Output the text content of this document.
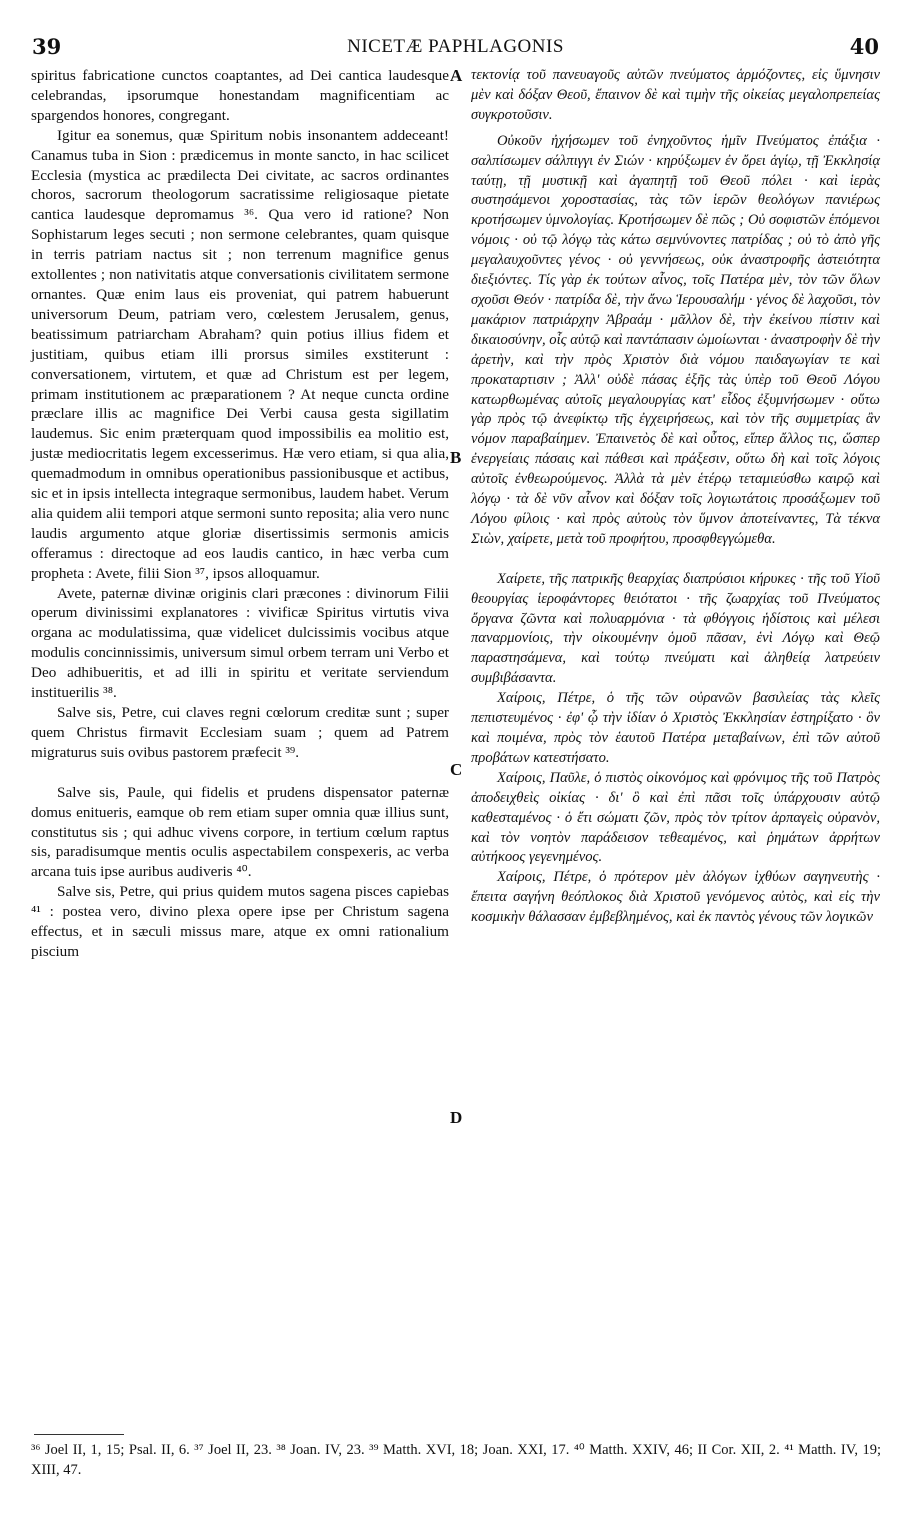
39	NICETÆ PAPHLAGONIS	40

spiritus fabricatione cunctos coaptantes, ad Dei cantica laudesque celebrandas, ipsorumque honestandam magnificentiam ac spargendos honores, congregant.

Igitur ea sonemus, quæ Spiritum nobis insonantem addeceant! Canamus tuba in Sion : prædicemus in monte sancto, in hac scilicet Ecclesia (mystica ac prædilecta Dei civitate, ac sacros ordinantes choros, sacrorum theologorum sacratissime religiosaque pietate cantica laudesque depromamus ³⁶. Qua vero id ratione? Non Sophistarum leges secuti ; non sermone celebrantes, quam quisque in terris patriam nactus sit ; non terrenum magnifice genus extollentes ; non nativitatis atque conversationis civilitatem sermone ornantes. Quæ enim laus eis proveniat, qui patrem habuerunt universorum Deum, patriam vero, cœlestem Jerusalem, genus, beatissimum patriarcham Abraham? quin potius illius fidem et justitiam, quibus etiam illi prorsus similes exstiterunt : conversationem, virtutem, et quæ ad Christum est per legem, primam institutionem ac præparationem ? At neque cuncta ordine præclare illis ac magnifice Dei Verbi causa gesta sigillatim laudemus. Sic enim præterquam quod impossibilis ea molitio est, justæ mediocritatis legem excesserimus. Hæ vero etiam, si qua alia, quemadmodum in omnibus operationibus passionibusque et actibus, sic et in ipsis intellecta integraque sermonibus, laudem habet. Verum alia quidem alii tempori atque sermoni sunto reposita; alia vero nunc laudis argumento atque gloriæ disertissimis sermonis amicis offeramus : directoque ad eos laudis cantico, in hæc verba cum propheta : Avete, filii Sion ³⁷, ipsos alloquamur.

Avete, paternæ divinæ originis clari præcones : divinorum Filii operum divinissimi explanatores : vivificæ Spiritus virtutis viva organa ac modulatissima, quæ videlicet dulcissimis vocibus atque modulis concinnissimis, universum simul orbem terram uni Verbo et Deo adhibueritis, et ad illi in spiritu et veritate serviendum instituerilis ³⁸.

Salve sis, Petre, cui claves regni cœlorum creditæ sunt ; super quem Christus firmavit Ecclesiam suam ; quem ad Patrem migraturus suis ovibus pastorem præfecit ³⁹.

Salve sis, Paule, qui fidelis et prudens dispensator paternæ domus enitueris, eamque ob rem etiam super omnia quæ illius sunt, constitutus sis ; qui adhuc vivens corpore, in tertium cœlum raptus sis, paradisumque mentis oculis aspectabilem conspexeris, ac verba arcana tuis ipse auribus audiveris ⁴⁰.

Salve sis, Petre, qui prius quidem mutos sagena pisces capiebas ⁴¹ : postea vero, divino plexa opere ipse per Christum sagena effectus, et in sæculi missus mare, atque ex omni rationalium piscium

A
B
C
D

τεκτονίᾳ τοῦ πανευαγοῦς αὐτῶν πνεύματος ἁρμόζοντες, εἰς ὕμνησιν μὲν καὶ δόξαν Θεοῦ, ἔπαινον δὲ καὶ τιμὴν τῆς οἰκείας μεγαλοπρεπείας συγκροτοῦσιν.

Οὐκοῦν ἠχήσωμεν τοῦ ἐνηχοῦντος ἡμῖν Πνεύματος ἐπάξια · σαλπίσωμεν σάλπιγγι ἐν Σιών · κηρύξωμεν ἐν ὄρει ἁγίῳ, τῇ Ἐκκλησίᾳ ταύτῃ, τῇ μυστικῇ καὶ ἀγαπητῇ τοῦ Θεοῦ πόλει · καὶ ἱερὰς συστησάμενοι χοροστασίας, τὰς τῶν ἱερῶν θεολόγων πανιέρως κροτήσωμεν ὑμνολογίας. Κροτήσωμεν δὲ πῶς ; Οὐ σοφιστῶν ἑπόμενοι νόμοις · οὐ τῷ λόγῳ τὰς κάτω σεμνύνοντες πατρίδας ; οὐ τὸ ἀπὸ γῆς μεγαλαυχοῦντες γένος · οὐ γεννήσεως, οὐκ ἀναστροφῆς ἀστειότητα διεξιόντες. Τίς γὰρ ἐκ τούτων αἶνος, τοῖς Πατέρα μὲν, τὸν τῶν ὅλων σχοῦσι Θεόν · πατρίδα δὲ, τὴν ἄνω Ἱερουσαλήμ · γένος δὲ λαχοῦσι, τὸν μακάριον πατριάρχην Ἀβραάμ · μᾶλλον δὲ, τὴν ἐκείνου πίστιν καὶ δικαιοσύνην, οἷς αὐτῷ καὶ παντάπασιν ὡμοίωνται · ἀναστροφὴν δὲ τὴν ἀρετὴν, καὶ τὴν πρὸς Χριστὸν διὰ νόμου παιδαγωγίαν τε καὶ προκαταρτισιν ; Ἀλλ' οὐδὲ πάσας ἑξῆς τὰς ὑπὲρ τοῦ Θεοῦ Λόγου κατωρθωμένας αὐτοῖς μεγαλουργίας κατ' εἶδος ἐξυμνήσωμεν · οὕτω γὰρ πρὸς τῷ ἀνεφίκτῳ τῆς ἐγχειρήσεως, καὶ τὸν τῆς συμμετρίας ἂν νόμον παραβαίημεν. Ἐπαινετὸς δὲ καὶ οὗτος, εἴπερ ἄλλος τις, ὥσπερ ἐνεργείαις πάσαις καὶ πάθεσι καὶ πράξεσιν, οὕτω δὴ καὶ τοῖς λόγοις αὐτοῖς ἐνθεωρούμενος. Ἀλλὰ τὰ μὲν ἑτέρῳ τεταμιεύσθω καιρῷ καὶ λόγῳ · τὰ δὲ νῦν αἶνον καὶ δόξαν τοῖς λογιωτάτοις προσάξωμεν τοῦ Λόγου φίλοις · καὶ πρὸς αὐτοὺς τὸν ὕμνον ἀποτείναντες, Τὰ τέκνα Σιὼν, χαίρετε, μετὰ τοῦ προφήτου, προσφθεγγώμεθα.

Χαίρετε, τῆς πατρικῆς θεαρχίας διαπρύσιοι κήρυκες · τῆς τοῦ Υἱοῦ θεουργίας ἱεροφάντορες θειότατοι · τῆς ζωαρχίας τοῦ Πνεύματος ὄργανα ζῶντα καὶ πολυαρμόνια · τὰ φθόγγοις ἡδίστοις καὶ μέλεσι παναρμονίοις, τὴν οἰκουμένην ὁμοῦ πᾶσαν, ἑνὶ Λόγῳ καὶ Θεῷ παραστησάμενα, καὶ τούτῳ πνεύματι καὶ ἀληθείᾳ λατρεύειν συμβιβάσαντα.

Χαίροις, Πέτρε, ὁ τῆς τῶν οὐρανῶν βασιλείας τὰς κλεῖς πεπιστευμένος · ἐφ' ᾧ τὴν ἰδίαν ὁ Χριστὸς Ἐκκλησίαν ἐστηρίξατο · ὃν καὶ ποιμένα, πρὸς τὸν ἑαυτοῦ Πατέρα μεταβαίνων, ἐπὶ τῶν αὐτοῦ προβάτων κατεστήσατο.

Χαίροις, Παῦλε, ὁ πιστὸς οἰκονόμος καὶ φρόνιμος τῆς τοῦ Πατρὸς ἀποδειχθεὶς οἰκίας · δι' ὃ καὶ ἐπὶ πᾶσι τοῖς ὑπάρχουσιν αὐτῷ καθεσταμένος · ὁ ἔτι σώματι ζῶν, πρὸς τὸν τρίτον ἁρπαγεὶς οὐρανὸν, καὶ τὸν νοητὸν παράδεισον τεθεαμένος, καὶ ῥημάτων ἀρρήτων αὐτήκοος γεγενημένος.

Χαίροις, Πέτρε, ὁ πρότερον μὲν ἀλόγων ἰχθύων σαγηνευτὴς · ἔπειτα σαγήνη θεόπλοκος διὰ Χριστοῦ γενόμενος αὐτὸς, καὶ εἰς τὴν κοσμικὴν θάλασσαν ἐμβεβλημένος, καὶ ἐκ παντὸς γένους τῶν λογικῶν

³⁶ Joel II, 1, 15; Psal. II, 6. ³⁷ Joel II, 23. ³⁸ Joan. IV, 23. ³⁹ Matth. XVI, 18; Joan. XXI, 17. ⁴⁰ Matth. XXIV, 46; II Cor. XII, 2. ⁴¹ Matth. IV, 19; XIII, 47.
